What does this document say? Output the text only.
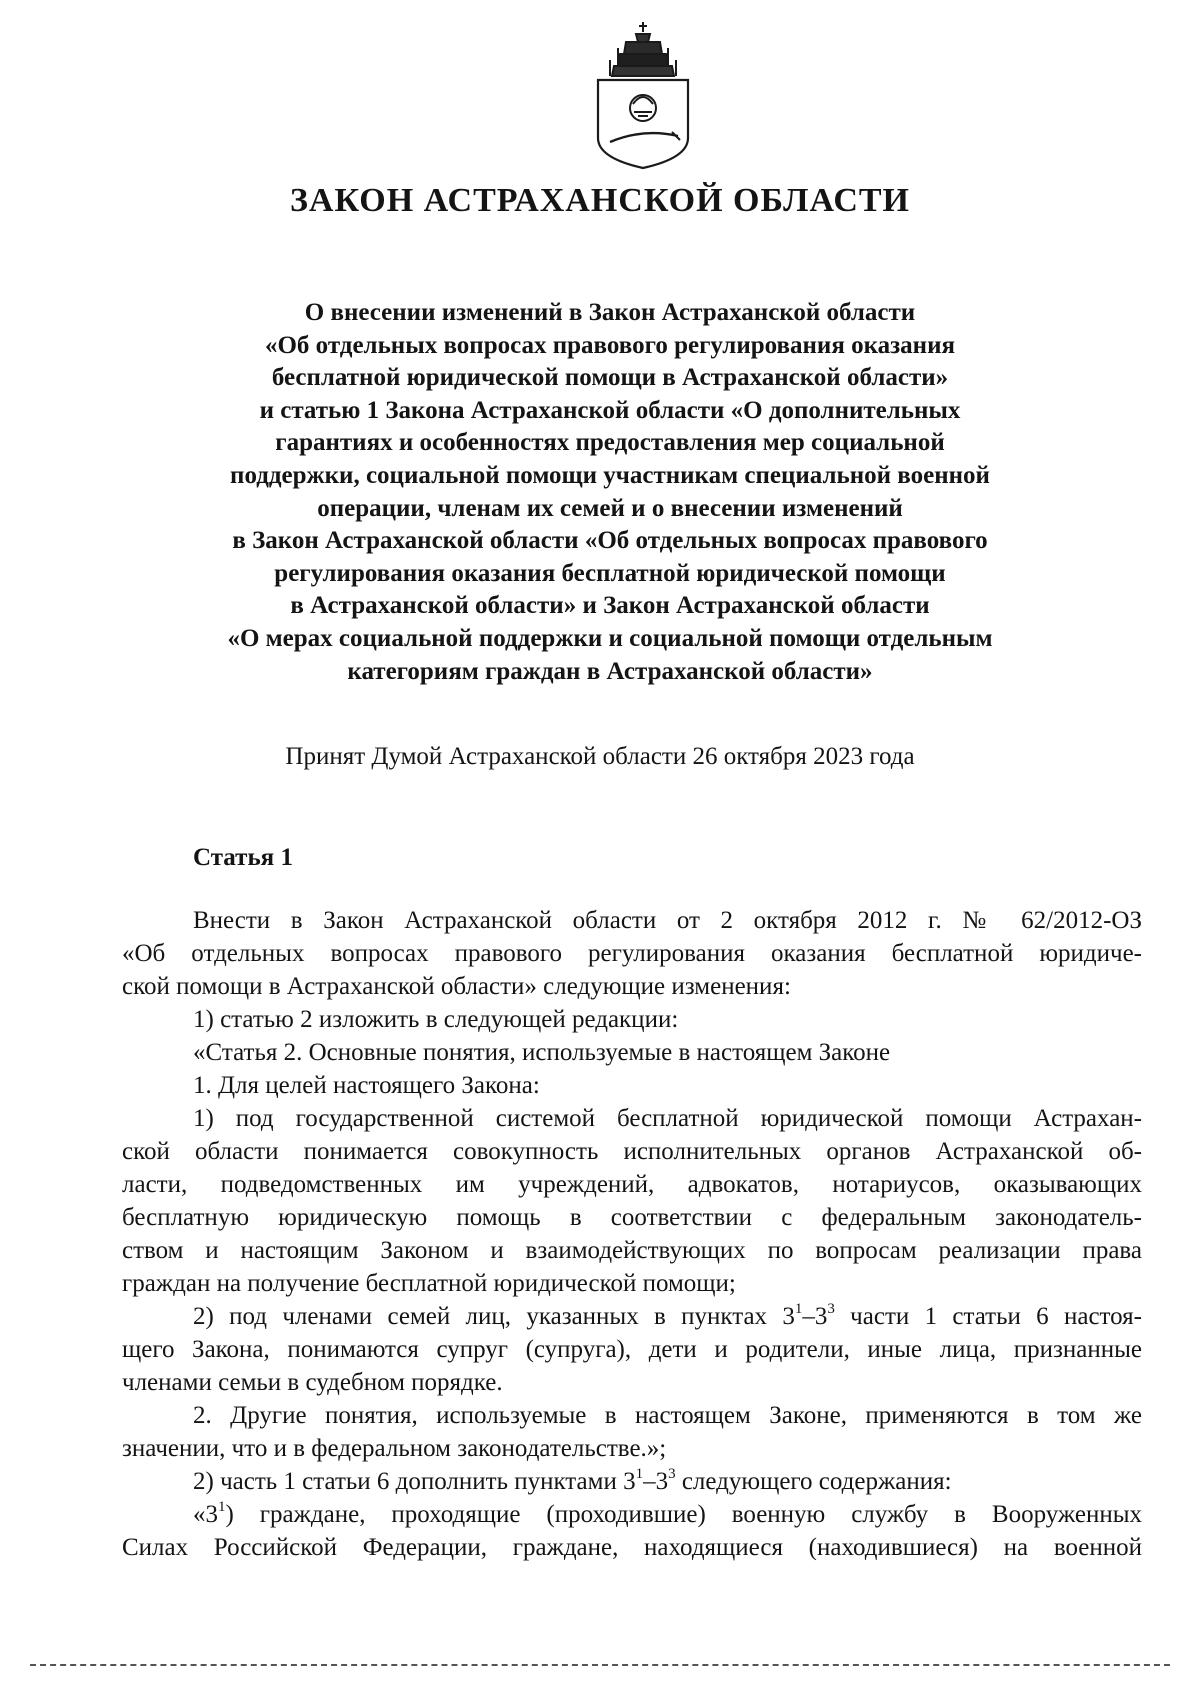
ЗАКОН АСТРАХАНСКОЙ ОБЛАСТИ
О внесении изменений в Закон Астраханской области
«Об отдельных вопросах правового регулирования оказания
бесплатной юридической помощи в Астраханской области»
и статью 1 Закона Астраханской области «О дополнительных
гарантиях и особенностях предоставления мер социальной
поддержки, социальной помощи участникам специальной военной
операции, членам их семей и о внесении изменений
в Закон Астраханской области «Об отдельных вопросах правового
регулирования оказания бесплатной юридической помощи
в Астраханской области» и Закон Астраханской области
«О мерах социальной поддержки и социальной помощи отдельным
категориям граждан в Астраханской области»
Принят Думой Астраханской области 26 октября 2023 года
Статья 1
Внести в Закон Астраханской области от 2 октября 2012 г. № 62/2012-ОЗ
«Об отдельных вопросах правового регулирования оказания бесплатной юридиче-
ской помощи в Астраханской области» следующие изменения:
1) статью 2 изложить в следующей редакции:
«Статья 2. Основные понятия, используемые в настоящем Законе
1. Для целей настоящего Закона:
1) под государственной системой бесплатной юридической помощи Астрахан-
ской области понимается совокупность исполнительных органов Астраханской об-
ласти, подведомственных им учреждений, адвокатов, нотариусов, оказывающих
бесплатную юридическую помощь в соответствии с федеральным законодатель-
ством и настоящим Законом и взаимодействующих по вопросам реализации права
граждан на получение бесплатной юридической помощи;
2) под членами семей лиц, указанных в пунктах $3^1-3^3$ части 1 статьи 6 настоя-
щего Закона, понимаются супруг (супруга), дети и родители, иные лица, признанные
членами семьи в судебном порядке.
2. Другие понятия, используемые в настоящем Законе, применяются в том же
значении, что и в федеральном законодательстве.»;
2) часть 1 статьи 6 дополнить пунктами $3^1-3^3$ следующего содержания:
«$3^1$) граждане, проходящие (проходившие) военную службу в Вооруженных
Силах Российской Федерации, граждане, находящиеся (находившиеся) на военной
